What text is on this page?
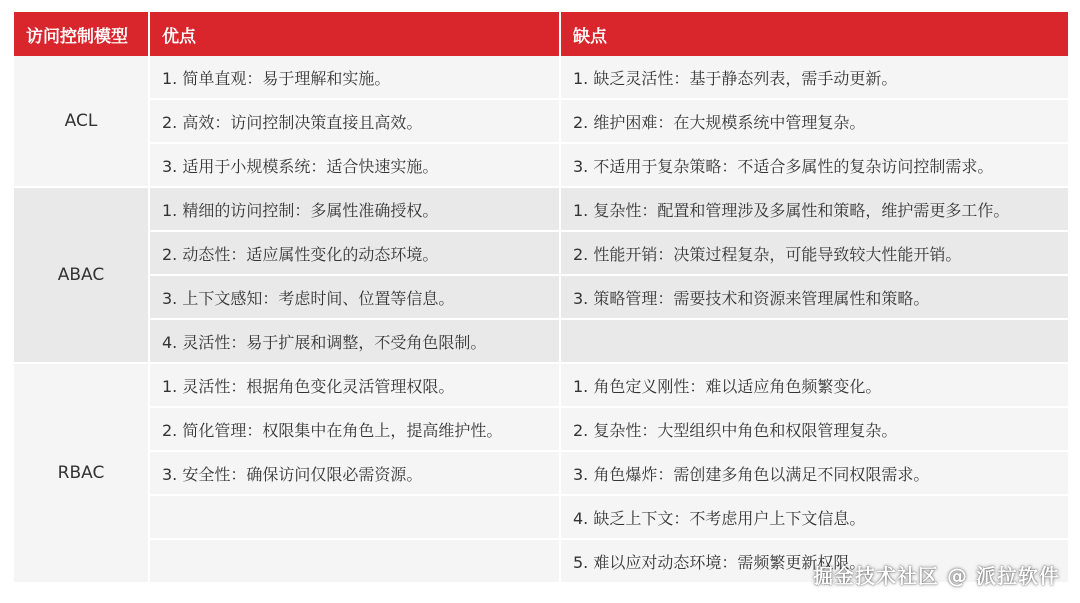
访问控制模型	优点	缺点
ACL	1. 简单直观：易于理解和实施。	1. 缺乏灵活性：基于静态列表，需手动更新。
	2. 高效：访问控制决策直接且高效。	2. 维护困难：在大规模系统中管理复杂。
	3. 适用于小规模系统：适合快速实施。	3. 不适用于复杂策略：不适合多属性的复杂访问控制需求。
ABAC	1. 精细的访问控制：多属性准确授权。	1. 复杂性：配置和管理涉及多属性和策略，维护需更多工作。
	2. 动态性：适应属性变化的动态环境。	2. 性能开销：决策过程复杂，可能导致较大性能开销。
	3. 上下文感知：考虑时间、位置等信息。	3. 策略管理：需要技术和资源来管理属性和策略。
	4. 灵活性：易于扩展和调整，不受角色限制。	
RBAC	1. 灵活性：根据角色变化灵活管理权限。	1. 角色定义刚性：难以适应角色频繁变化。
	2. 简化管理：权限集中在角色上，提高维护性。	2. 复杂性：大型组织中角色和权限管理复杂。
	3. 安全性：确保访问仅限必需资源。	3. 角色爆炸：需创建多角色以满足不同权限需求。
		4. 缺乏上下文：不考虑用户上下文信息。
		5. 难以应对动态环境：需频繁更新权限。
掘金技术社区 @ 派拉软件
